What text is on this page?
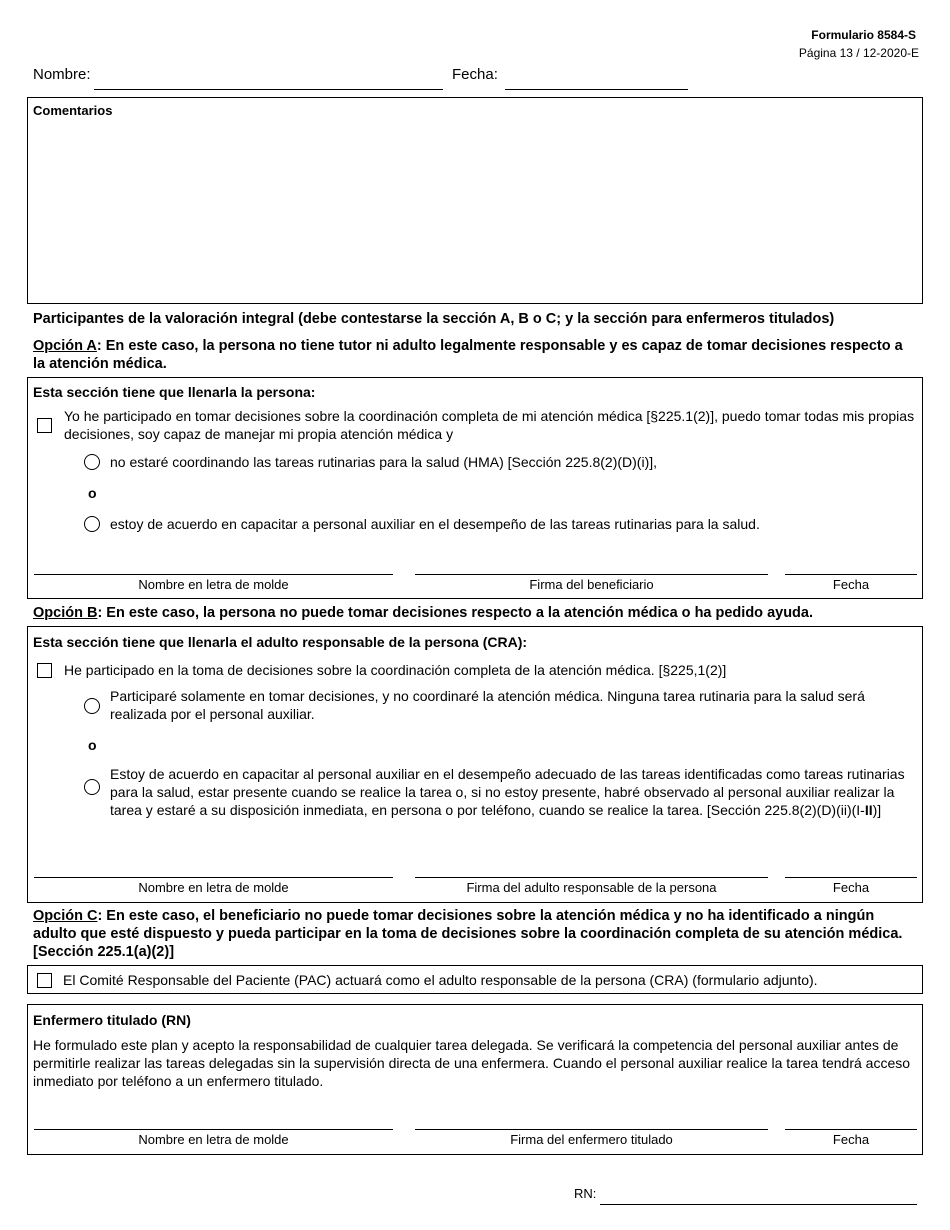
Formulario 8584-S
Página 13 / 12-2020-E
Nombre:	Fecha:
Comentarios
Participantes de la valoración integral (debe contestarse la sección A, B o C; y la sección para enfermeros titulados)
Opción A: En este caso, la persona no tiene tutor ni adulto legalmente responsable y es capaz de tomar decisiones respecto a la atención médica.
Esta sección tiene que llenarla la persona:
Yo he participado en tomar decisiones sobre la coordinación completa de mi atención médica [§225.1(2)], puedo tomar todas mis propias decisiones, soy capaz de manejar mi propia atención médica y
no estaré coordinando las tareas rutinarias para la salud (HMA) [Sección 225.8(2)(D)(i)],
o
estoy de acuerdo en capacitar a personal auxiliar en el desempeño de las tareas rutinarias para la salud.
Nombre en letra de molde	Firma del beneficiario	Fecha
Opción B: En este caso, la persona no puede tomar decisiones respecto a la atención médica o ha pedido ayuda.
Esta sección tiene que llenarla el adulto responsable de la persona (CRA):
He participado en la toma de decisiones sobre la coordinación completa de la atención médica. [§225,1(2)]
Participaré solamente en tomar decisiones, y no coordinaré la atención médica. Ninguna tarea rutinaria para la salud será realizada por el personal auxiliar.
o
Estoy de acuerdo en capacitar al personal auxiliar en el desempeño adecuado de las tareas identificadas como tareas rutinarias para la salud, estar presente cuando se realice la tarea o, si no estoy presente, habré observado al personal auxiliar realizar la tarea y estaré a su disposición inmediata, en persona o por teléfono, cuando se realice la tarea. [Sección 225.8(2)(D)(ii)(I-II)]
Nombre en letra de molde	Firma del adulto responsable de la persona	Fecha
Opción C: En este caso, el beneficiario no puede tomar decisiones sobre la atención médica y no ha identificado a ningún adulto que esté dispuesto y pueda participar en la toma de decisiones sobre la coordinación completa de su atención médica. [Sección 225.1(a)(2)]
El Comité Responsable del Paciente (PAC) actuará como el adulto responsable de la persona (CRA) (formulario adjunto).
Enfermero titulado (RN)
He formulado este plan y acepto la responsabilidad de cualquier tarea delegada. Se verificará la competencia del personal auxiliar antes de permitirle realizar las tareas delegadas sin la supervisión directa de una enfermera. Cuando el personal auxiliar realice la tarea tendrá acceso inmediato por teléfono a un enfermero titulado.
Nombre en letra de molde	Firma del enfermero titulado	Fecha
RN:
